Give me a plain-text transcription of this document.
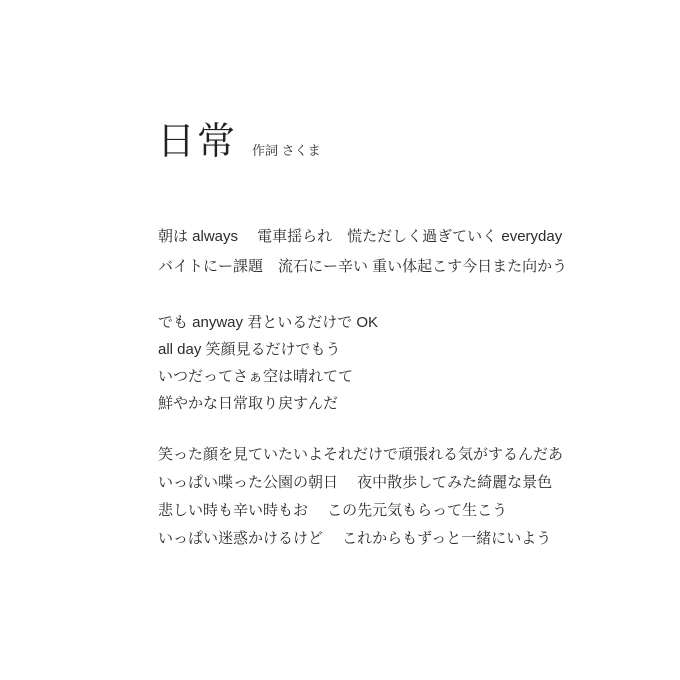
日常 作詞 さくま

朝は always　 電車揺られ　慌ただしく過ぎていく everyday

バイトにー課題　流石にー辛い 重い体起こす今日また向かう

でも anyway 君といるだけで OK

all day 笑顔見るだけでもう

いつだってさぁ空は晴れてて

鮮やかな日常取り戻すんだ

笑った顔を見ていたいよそれだけで頑張れる気がするんだあ

いっぱい喋った公園の朝日　 夜中散歩してみた綺麗な景色

悲しい時も辛い時もお　 この先元気もらって生こう

いっぱい迷惑かけるけど　 これからもずっと一緒にいよう
